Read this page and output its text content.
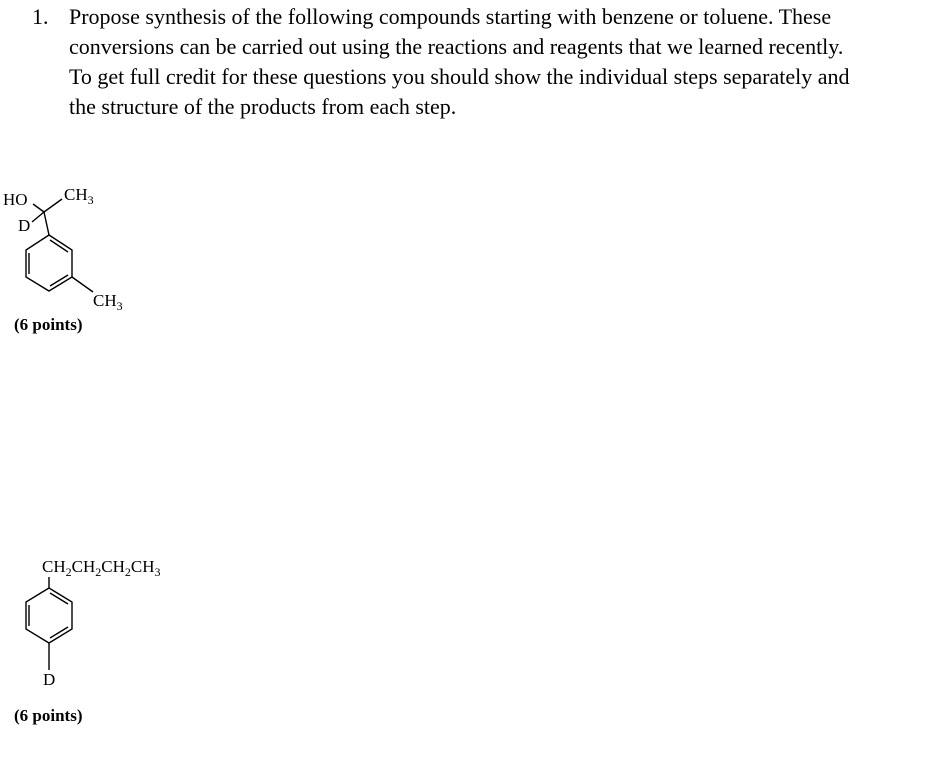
1. Propose synthesis of the following compounds starting with benzene or toluene. These
conversions can be carried out using the reactions and reagents that we learned recently.
To get full credit for these questions you should show the individual steps separately and
the structure of the products from each step.
HO $CH_3$
D
$CH_3$
(6 points)
$CH_2CH_2CH_2CH_3$
D
(6 points)
